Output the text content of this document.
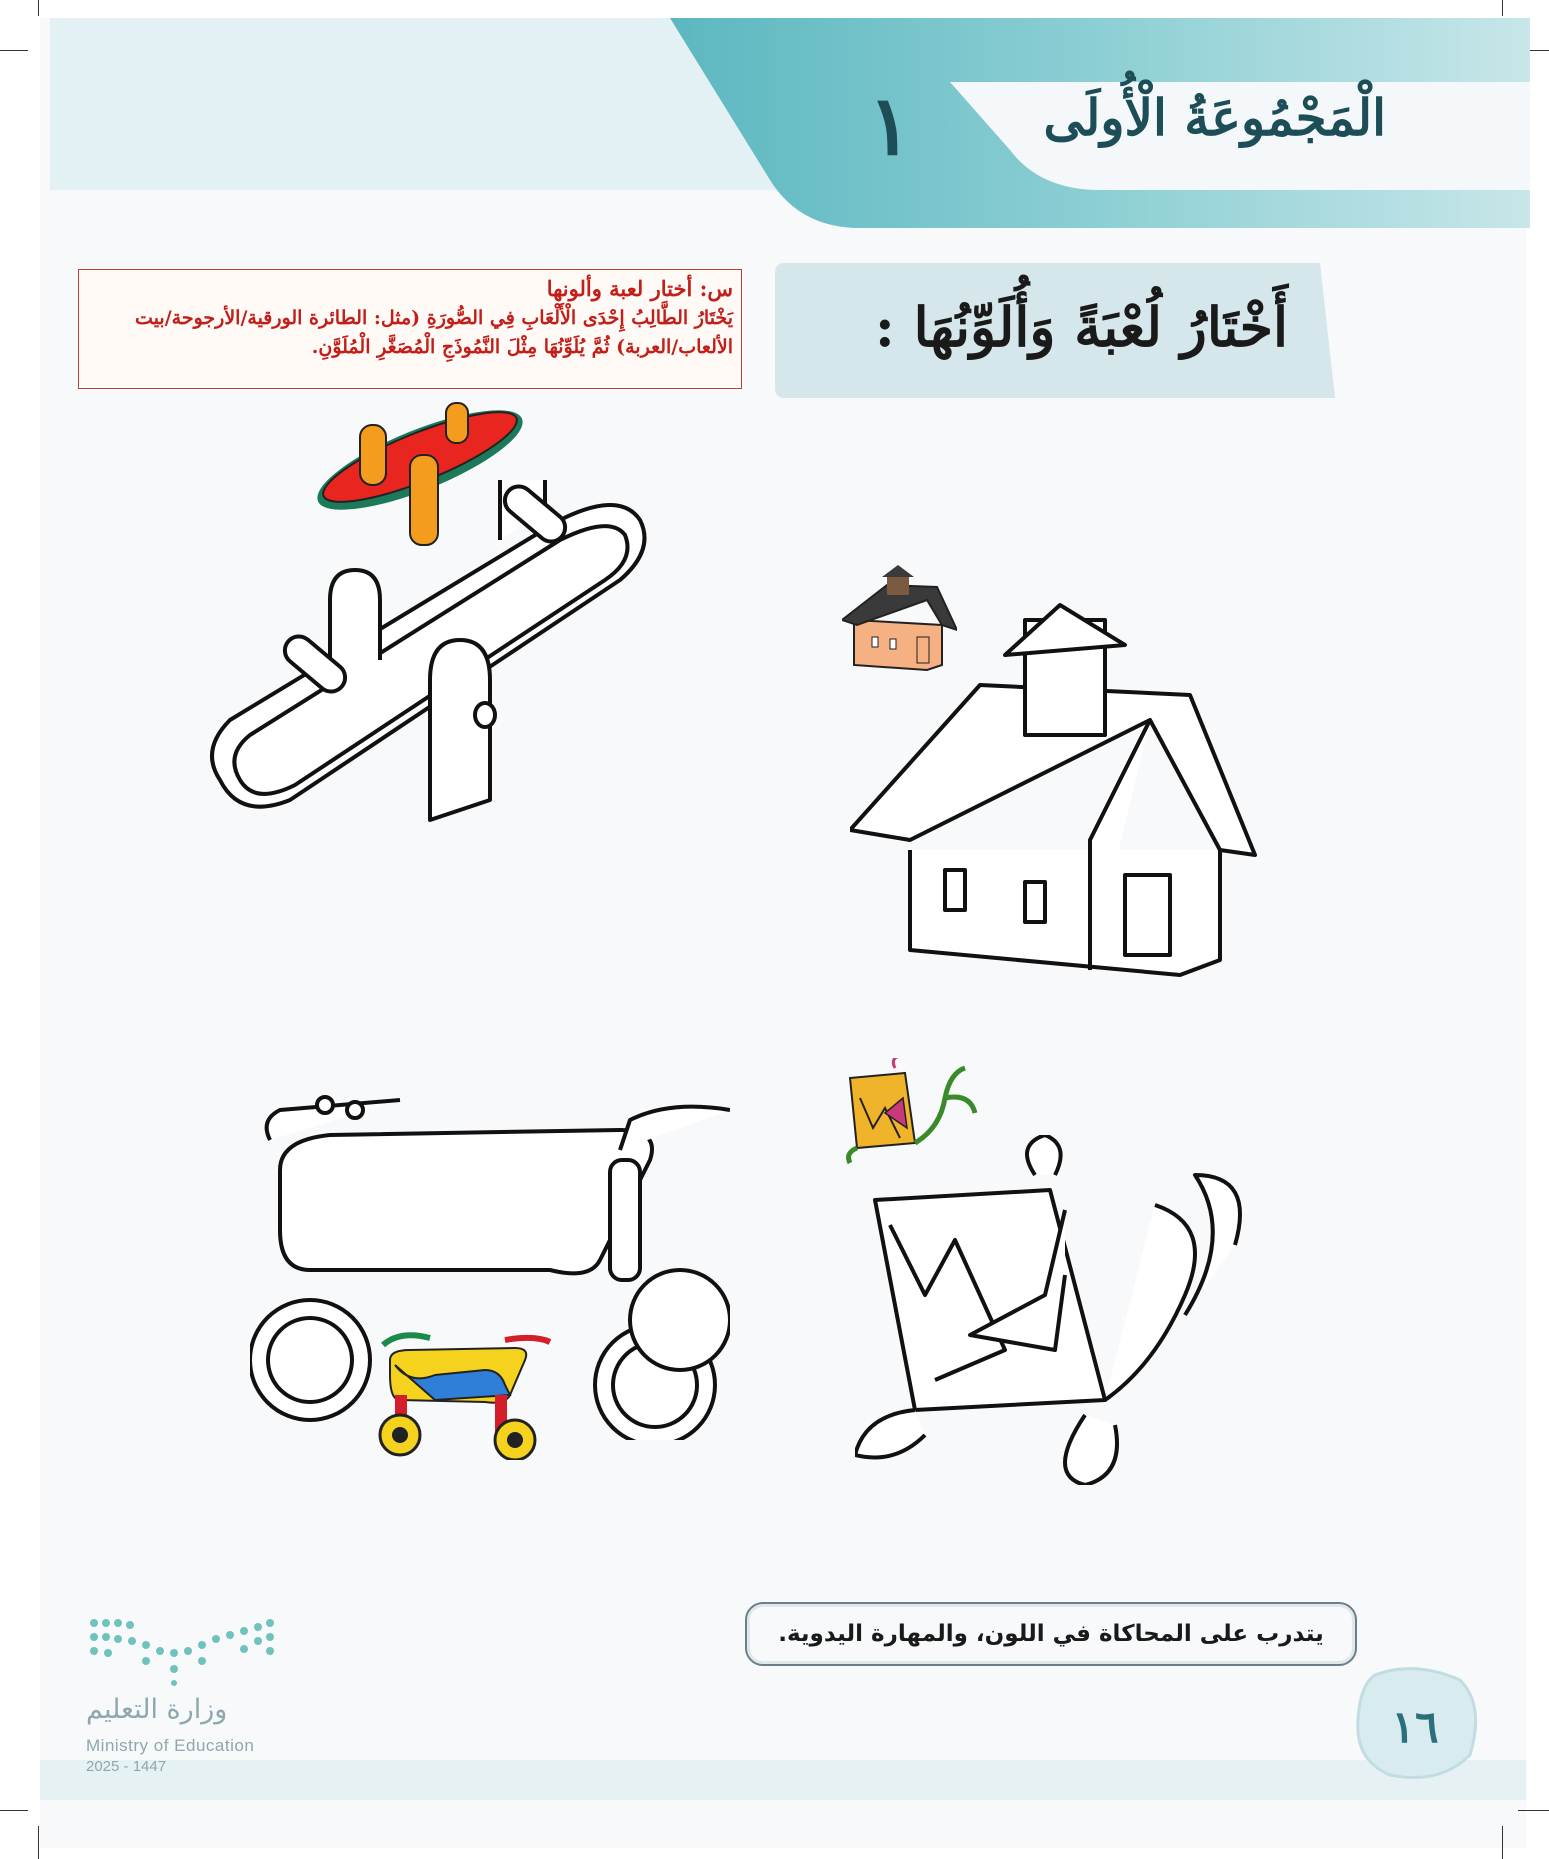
الْمَجْمُوعَةُ الْأُولَى
١
أَخْتَارُ لُعْبَةً وَأُلَوِّنُهَا :
س: أختار لعبة وألونها
يَخْتَارُ الطَّالِبُ إِحْدَى الْأَلْعَابِ فِي الصُّورَةِ (مثل: الطائرة الورقية/الأرجوحة/بيت الألعاب/العربة) ثُمَّ يُلَوِّنُهَا مِثْلَ النَّمُوذَجِ الْمُصَغَّرِ الْمُلَوَّنِ.
يتدرب على المحاكاة في اللون، والمهارة اليدوية.
١٦
وزارة التعليم
Ministry of Education
2025 - 1447
